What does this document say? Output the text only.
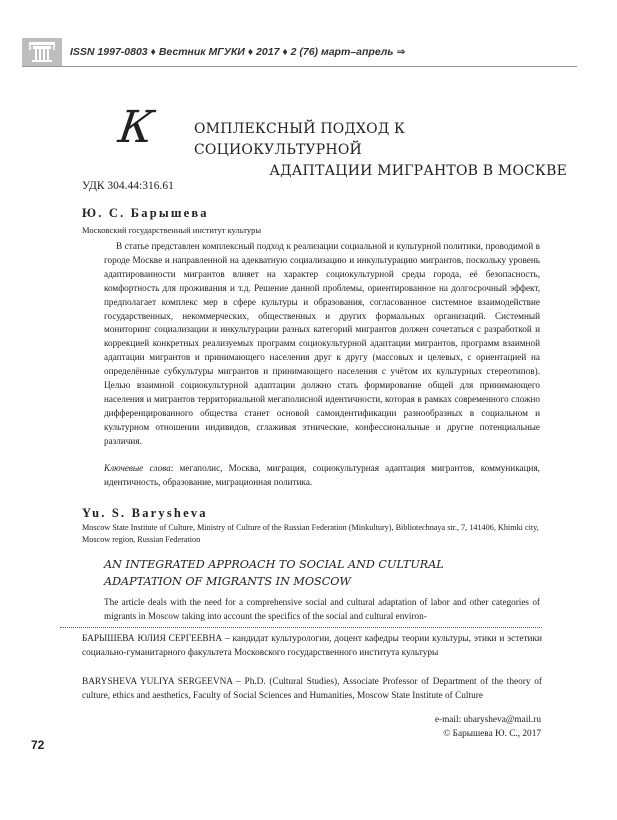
ISSN 1997-0803 ♦ Вестник МГУКИ ♦ 2017 ♦ 2 (76) март–апрель ⇒
К	ОМПЛЕКСНЫЙ ПОДХОД К СОЦИОКУЛЬТУРНОЙ
АДАПТАЦИИ МИГРАНТОВ В МОСКВЕ
УДК 304.44:316.61
Ю. С. Барышева
Московский государственный институт культуры

В статье представлен комплексный подход к реализации социальной и культурной политики, проводимой в городе Москве и направленной на адекватную социализацию и инкультурацию мигрантов, поскольку уровень адаптированности мигрантов влияет на характер социокультурной среды города, её безопасность, комфортность для проживания и т.д. Решение данной проблемы, ориентированное на долгосрочный эффект, предполагает комплекс мер в сфере культуры и образования, согласованное системное взаимодействие государственных, некоммерческих, общественных и других формальных организаций. Системный мониторинг социализации и инкультурации разных категорий мигрантов должен сочетаться с разработкой и коррекцией конкретных реализуемых программ социокультурной адаптации мигрантов, программ взаимной адаптации мигрантов и принимающего населения друг к другу (массовых и целевых, с ориентацией на определённые субкультуры мигрантов и принимающего населения с учётом их культурных стереотипов). Целью взаимной социокультурной адаптации должно стать формирование общей для принимающего населения и мигрантов территориальной мегаполисной идентичности, которая в рамках современного сложно дифференцированного общества станет основой самоидентификации разнообразных в социальном и культурном отношении индивидов, сглаживая этнические, конфессиональные и другие потенциальные различия.

Ключевые слова: мегаполис, Москва, миграция, социокультурная адаптация мигрантов, коммуникация, идентичность, образование, миграционная политика.
Yu. S. Barysheva
Moscow State Institute of Culture, Ministry of Culture of the Russian Federation (Minkultury), Bibliotechnaya str., 7, 141406, Khimki city, Moscow region, Russian Federation
AN INTEGRATED APPROACH TO SOCIAL AND CULTURAL
ADAPTATION OF MIGRANTS IN MOSCOW
The article deals with the need for a comprehensive social and cultural adaptation of labor and other categories of migrants in Moscow taking into account the specifics of the social and cultural environ-
БАРЫШЕВА ЮЛИЯ СЕРГЕЕВНА – кандидат культурологии, доцент кафедры теории культуры, этики и эстетики социально-гуманитарного факультета Московского государственного института культуры
BARYSHEVA YULIYA SERGEEVNA – Ph.D. (Cultural Studies), Associate Professor of Department of the theory of culture, ethics and aesthetics, Faculty of Social Sciences and Humanities, Moscow State Institute of Culture
e-mail: ubarysheva@mail.ru
© Барышева Ю. С., 2017
72
